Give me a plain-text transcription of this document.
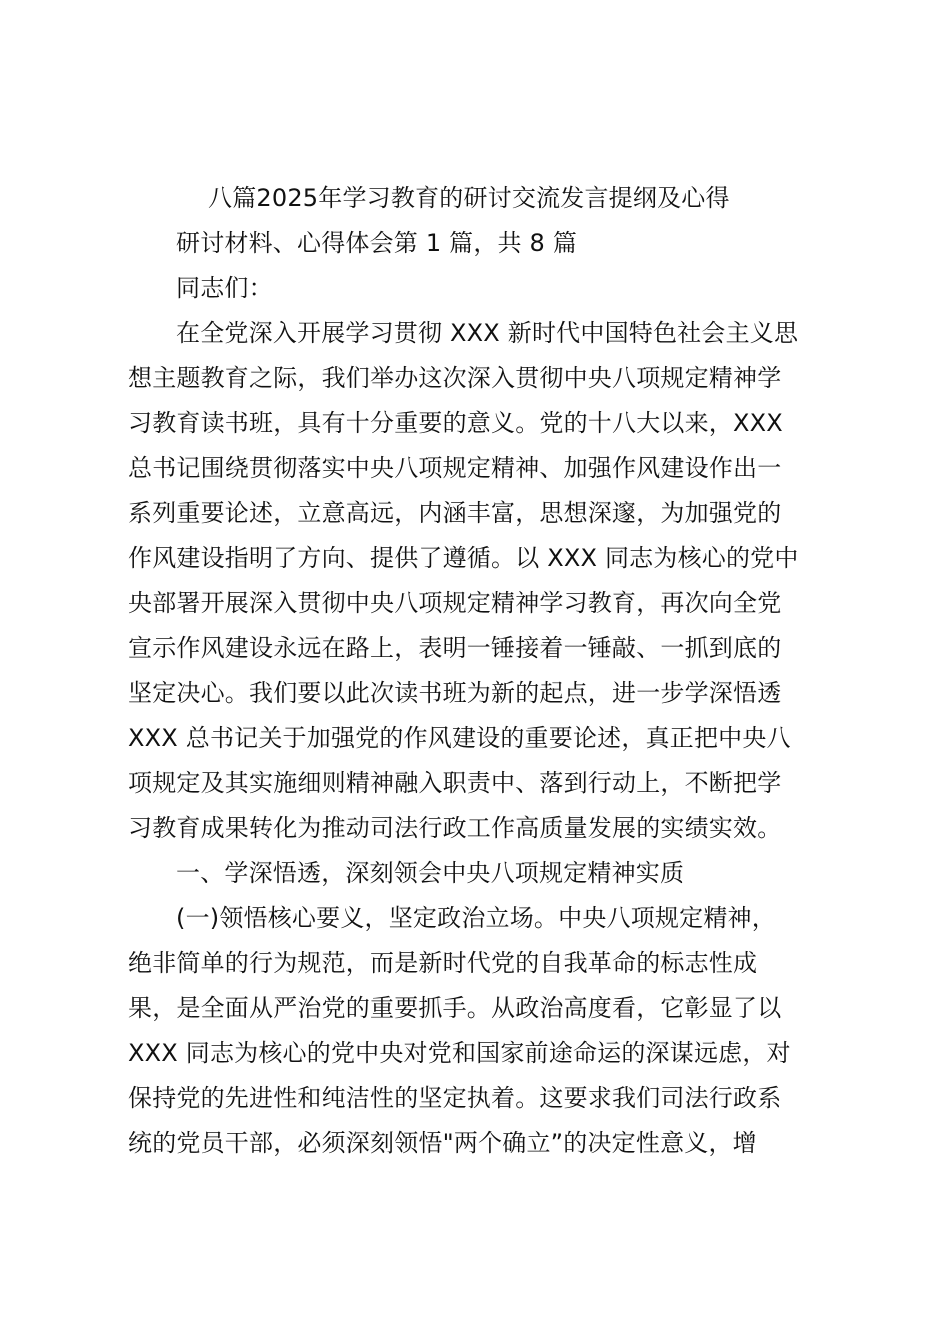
八篇2025年学习教育的研讨交流发言提纲及心得
研讨材料、心得体会第 1 篇，共 8 篇
同志们：
在全党深入开展学习贯彻 XXX 新时代中国特色社会主义思
想主题教育之际，我们举办这次深入贯彻中央八项规定精神学
习教育读书班，具有十分重要的意义。党的十八大以来，XXX
总书记围绕贯彻落实中央八项规定精神、加强作风建设作出一
系列重要论述，立意高远，内涵丰富，思想深邃，为加强党的
作风建设指明了方向、提供了遵循。以 XXX 同志为核心的党中
央部署开展深入贯彻中央八项规定精神学习教育，再次向全党
宣示作风建设永远在路上，表明一锤接着一锤敲、一抓到底的
坚定决心。我们要以此次读书班为新的起点，进一步学深悟透
XXX 总书记关于加强党的作风建设的重要论述，真正把中央八
项规定及其实施细则精神融入职责中、落到行动上，不断把学
习教育成果转化为推动司法行政工作高质量发展的实绩实效。
一、学深悟透，深刻领会中央八项规定精神实质
(一)领悟核心要义，坚定政治立场。中央八项规定精神，
绝非简单的行为规范，而是新时代党的自我革命的标志性成
果，是全面从严治党的重要抓手。从政治高度看，它彰显了以
XXX 同志为核心的党中央对党和国家前途命运的深谋远虑，对
保持党的先进性和纯洁性的坚定执着。这要求我们司法行政系
统的党员干部，必须深刻领悟"两个确立”的决定性意义，增
